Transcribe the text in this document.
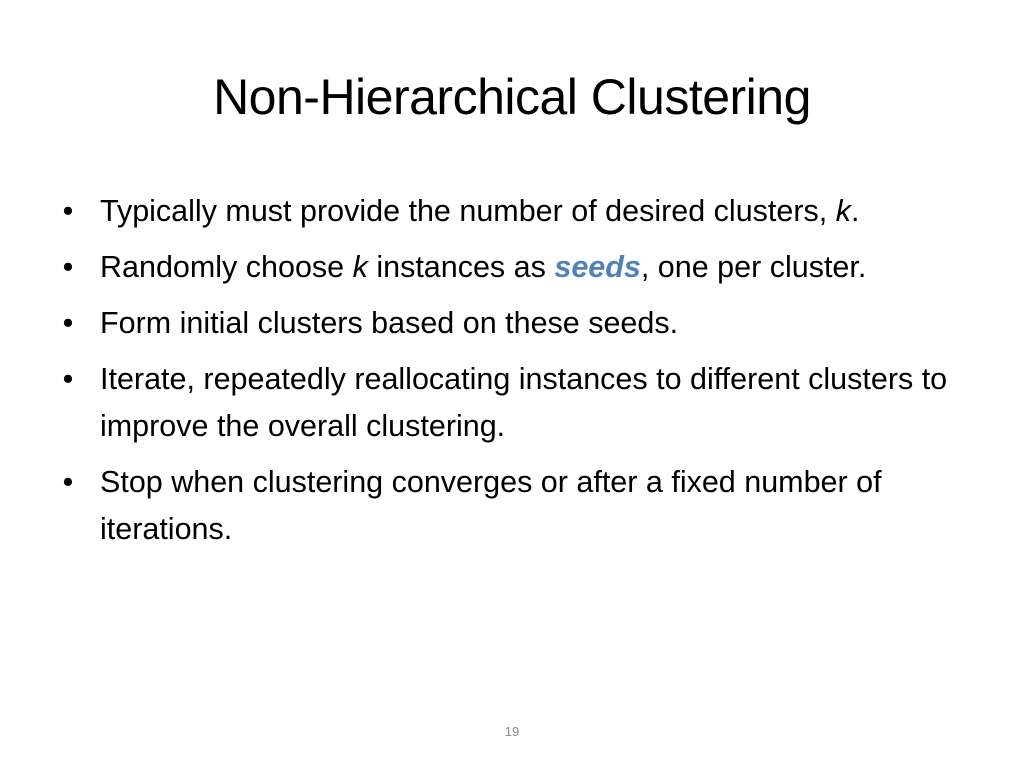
Non-Hierarchical Clustering
• Typically must provide the number of desired clusters, k.
• Randomly choose k instances as seeds, one per cluster.
• Form initial clusters based on these seeds.
• Iterate, repeatedly reallocating instances to different clusters to improve the overall clustering.
• Stop when clustering converges or after a fixed number of iterations.
19
